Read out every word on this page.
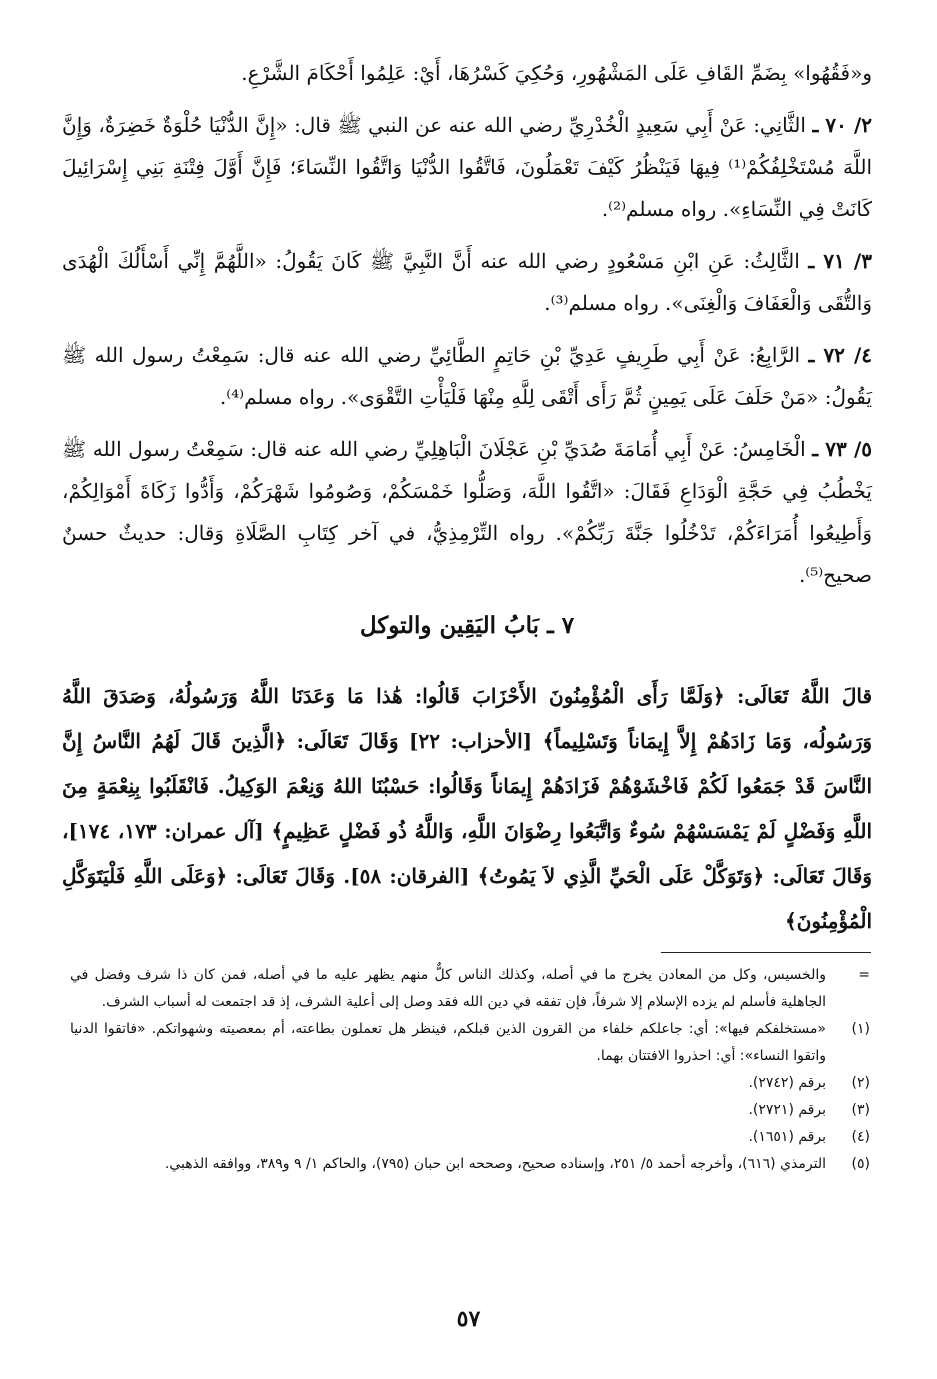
و«فَقُهُوا» بِضَمِّ القَافِ عَلَى المَشْهُورِ، وَحُكِيَ كَسْرُهَا، أَيْ: عَلِمُوا أَحْكَامَ الشَّرْعِ.

٢/ ٧٠ ـ الثَّانِي: عَنْ أَبِي سَعِيدٍ الْخُدْرِيِّ رضي الله عنه عن النبي ﷺ قال: «إِنَّ الدُّنْيَا حُلْوَةٌ خَضِرَةٌ، وَإِنَّ اللَّهَ مُسْتَخْلِفُكُمْ⁽¹⁾ فِيهَا فَيَنْظُرُ كَيْفَ تَعْمَلُونَ، فَاتَّقُوا الدُّنْيَا وَاتَّقُوا النِّسَاءَ؛ فَإِنَّ أَوَّلَ فِتْنَةِ بَنِي إِسْرَائِيلَ كَانَتْ فِي النِّسَاءِ». رواه مسلم⁽²⁾.

٣/ ٧١ ـ الثَّالِثُ: عَنِ ابْنِ مَسْعُودٍ رضي الله عنه أَنَّ النَّبِيَّ ﷺ كَانَ يَقُولُ: «اللَّهُمَّ إِنِّي أَسْأَلُكَ الْهُدَى وَالتُّقَى وَالْعَفَافَ وَالْغِنَى». رواه مسلم⁽³⁾.

٤/ ٧٢ ـ الرَّابِعُ: عَنْ أَبِي طَرِيفٍ عَدِيِّ بْنِ حَاتِمٍ الطَّائِيِّ رضي الله عنه قال: سَمِعْتُ رسول الله ﷺ يَقُولُ: «مَنْ حَلَفَ عَلَى يَمِينٍ ثُمَّ رَأَى أَتْقَى لِلَّهِ مِنْهَا فَلْيَأْتِ التَّقْوَى». رواه مسلم⁽⁴⁾.

٥/ ٧٣ ـ الْخَامِسُ: عَنْ أَبِي أُمَامَةَ صُدَيِّ بْنِ عَجْلَانَ الْبَاهِلِيِّ رضي الله عنه قال: سَمِعْتُ رسول الله ﷺ يَخْطُبُ فِي حَجَّةِ الْوَدَاعِ فَقَالَ: «اتَّقُوا اللَّهَ، وَصَلُّوا خَمْسَكُمْ، وَصُومُوا شَهْرَكُمْ، وَأَدُّوا زَكَاةَ أَمْوَالِكُمْ، وَأَطِيعُوا أُمَرَاءَكُمْ، تَدْخُلُوا جَنَّةَ رَبِّكُمْ». رواه التِّرْمِذِيُّ، في آخر كِتَابِ الصَّلَاةِ وَقال: حديثٌ حسنٌ صحيح⁽⁵⁾.

٧ ـ بَابُ اليَقِين والتوكل

قالَ اللَّهُ تَعَالَى: ﴿وَلَمَّا رَأَى الْمُؤْمِنُونَ الأَحْزَابَ قَالُوا: هَٰذا مَا وَعَدَنَا اللَّهُ وَرَسُولُهُ، وَصَدَقَ اللَّهُ وَرَسُولُه، وَمَا زَادَهُمْ إِلاَّ إِيمَاناً وَتَسْلِيماً﴾ [الأحزاب: ٢٢] وَقَالَ تَعَالَى: ﴿الَّذِينَ قَالَ لَهُمُ النَّاسُ إِنَّ النَّاسَ قَدْ جَمَعُوا لَكُمْ فَاخْشَوْهُمْ فَزَادَهُمْ إِيمَاناً وَقَالُوا: حَسْبُنَا اللهُ وَنِعْمَ الوَكِيلُ. فَانْقَلَبُوا بِنِعْمَةٍ مِنَ اللَّهِ وَفَضْلٍ لَمْ يَمْسَسْهُمْ سُوءٌ وَاتَّبَعُوا رِضْوَانَ اللَّهِ، وَاللَّهُ ذُو فَضْلٍ عَظِيمٍ﴾ [آل عمران: ١٧٣، ١٧٤]، وَقَالَ تَعَالَى: ﴿وَتَوَكَّلْ عَلَى الْحَيِّ الَّذِي لاَ يَمُوتُ﴾ [الفرقان: ٥٨]. وَقَالَ تَعَالَى: ﴿وَعَلَى اللَّهِ فَلْيَتَوَكَّلِ الْمُؤْمِنُونَ﴾

=
والخسيس، وكل من المعادن يخرج ما في أصله، وكذلك الناس كلٌّ منهم يظهر عليه ما في أصله، فمن كان ذا شرف وفضل في الجاهلية فأسلم لم يزده الإسلام إلا شرفاً، فإن تفقه في دين الله فقد وصل إلى أعلية الشرف، إذ قد اجتمعت له أسباب الشرف.
(١)
«مستخلفكم فيها»: أي: جاعلكم خلفاء من القرون الذين قبلكم، فينظر هل تعملون بطاعته، أم بمعصيته وشهواتكم. «فاتقوا الدنيا واتقوا النساء»: أي: احذروا الافتتان بهما.
(٢)
برقم (٢٧٤٢).
(٣)
برقم (٢٧٢١).
(٤)
برقم (١٦٥١).
(٥)
الترمذي (٦١٦)، وأخرجه أحمد ٥/ ٢٥١، وإسناده صحيح، وصححه ابن حبان (٧٩٥)، والحاكم ١/ ٩ و٣٨٩، ووافقه الذهبي.
٥٧
